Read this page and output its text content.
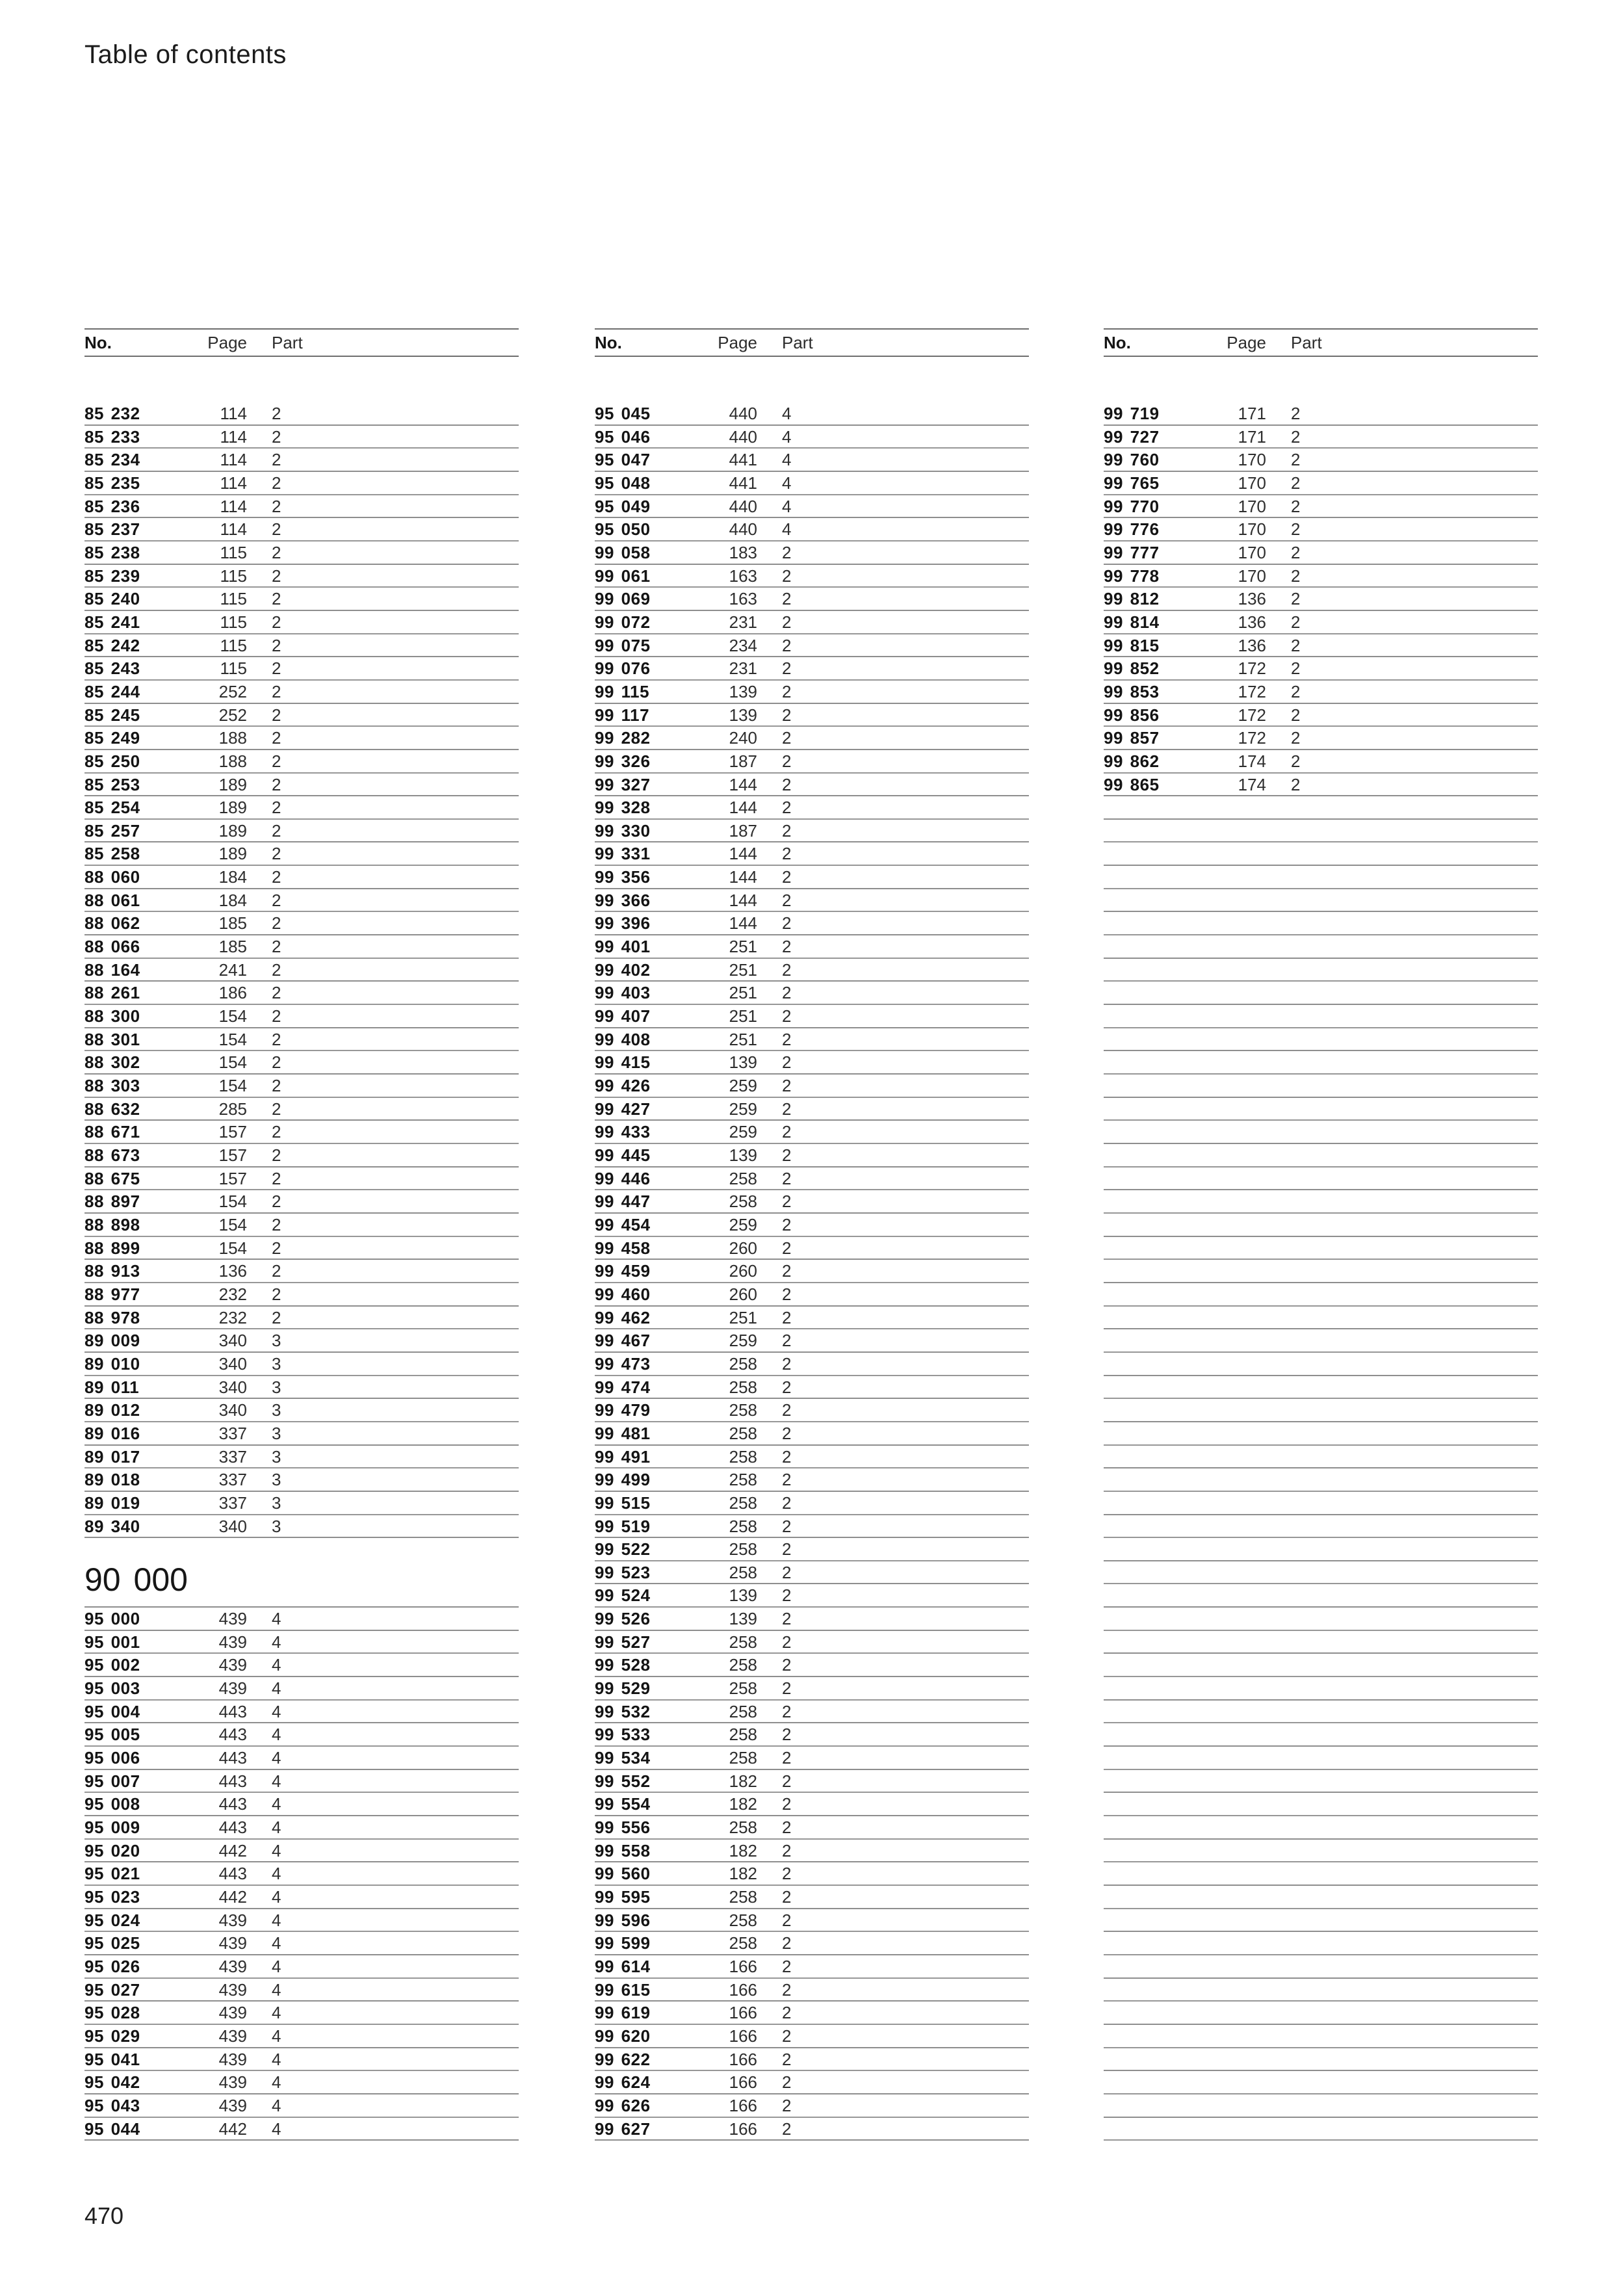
Table of contents
No.	Page Part
85 232	114 2
85 233	114 2
85 234	114 2
85 235	114 2
85 236	114 2
85 237	114 2
85 238	115 2
85 239	115 2
85 240	115 2
85 241	115 2
85 242	115 2
85 243	115 2
85 244	252 2
85 245	252 2
85 249	188 2
85 250	188 2
85 253	189 2
85 254	189 2
85 257	189 2
85 258	189 2
88 060	184 2
88 061	184 2
88 062	185 2
88 066	185 2
88 164	241 2
88 261	186 2
88 300	154 2
88 301	154 2
88 302	154 2
88 303	154 2
88 632	285 2
88 671	157 2
88 673	157 2
88 675	157 2
88 897	154 2
88 898	154 2
88 899	154 2
88 913	136 2
88 977	232 2
88 978	232 2
89 009	340 3
89 010	340 3
89 011	340 3
89 012	340 3
89 016	337 3
89 017	337 3
89 018	337 3
89 019	337 3
89 340	340 3
90 000
95 000	439 4
95 001	439 4
95 002	439 4
95 003	439 4
95 004	443 4
95 005	443 4
95 006	443 4
95 007	443 4
95 008	443 4
95 009	443 4
95 020	442 4
95 021	443 4
95 023	442 4
95 024	439 4
95 025	439 4
95 026	439 4
95 027	439 4
95 028	439 4
95 029	439 4
95 041	439 4
95 042	439 4
95 043	439 4
95 044	442 4
No.	Page Part
95 045	440 4
95 046	440 4
95 047	441 4
95 048	441 4
95 049	440 4
95 050	440 4
99 058	183 2
99 061	163 2
99 069	163 2
99 072	231 2
99 075	234 2
99 076	231 2
99 115	139 2
99 117	139 2
99 282	240 2
99 326	187 2
99 327	144 2
99 328	144 2
99 330	187 2
99 331	144 2
99 356	144 2
99 366	144 2
99 396	144 2
99 401	251 2
99 402	251 2
99 403	251 2
99 407	251 2
99 408	251 2
99 415	139 2
99 426	259 2
99 427	259 2
99 433	259 2
99 445	139 2
99 446	258 2
99 447	258 2
99 454	259 2
99 458	260 2
99 459	260 2
99 460	260 2
99 462	251 2
99 467	259 2
99 473	258 2
99 474	258 2
99 479	258 2
99 481	258 2
99 491	258 2
99 499	258 2
99 515	258 2
99 519	258 2
99 522	258 2
99 523	258 2
99 524	139 2
99 526	139 2
99 527	258 2
99 528	258 2
99 529	258 2
99 532	258 2
99 533	258 2
99 534	258 2
99 552	182 2
99 554	182 2
99 556	258 2
99 558	182 2
99 560	182 2
99 595	258 2
99 596	258 2
99 599	258 2
99 614	166 2
99 615	166 2
99 619	166 2
99 620	166 2
99 622	166 2
99 624	166 2
99 626	166 2
99 627	166 2
No.	Page Part
99 719	171 2
99 727	171 2
99 760	170 2
99 765	170 2
99 770	170 2
99 776	170 2
99 777	170 2
99 778	170 2
99 812	136 2
99 814	136 2
99 815	136 2
99 852	172 2
99 853	172 2
99 856	172 2
99 857	172 2
99 862	174 2
99 865	174 2
470
